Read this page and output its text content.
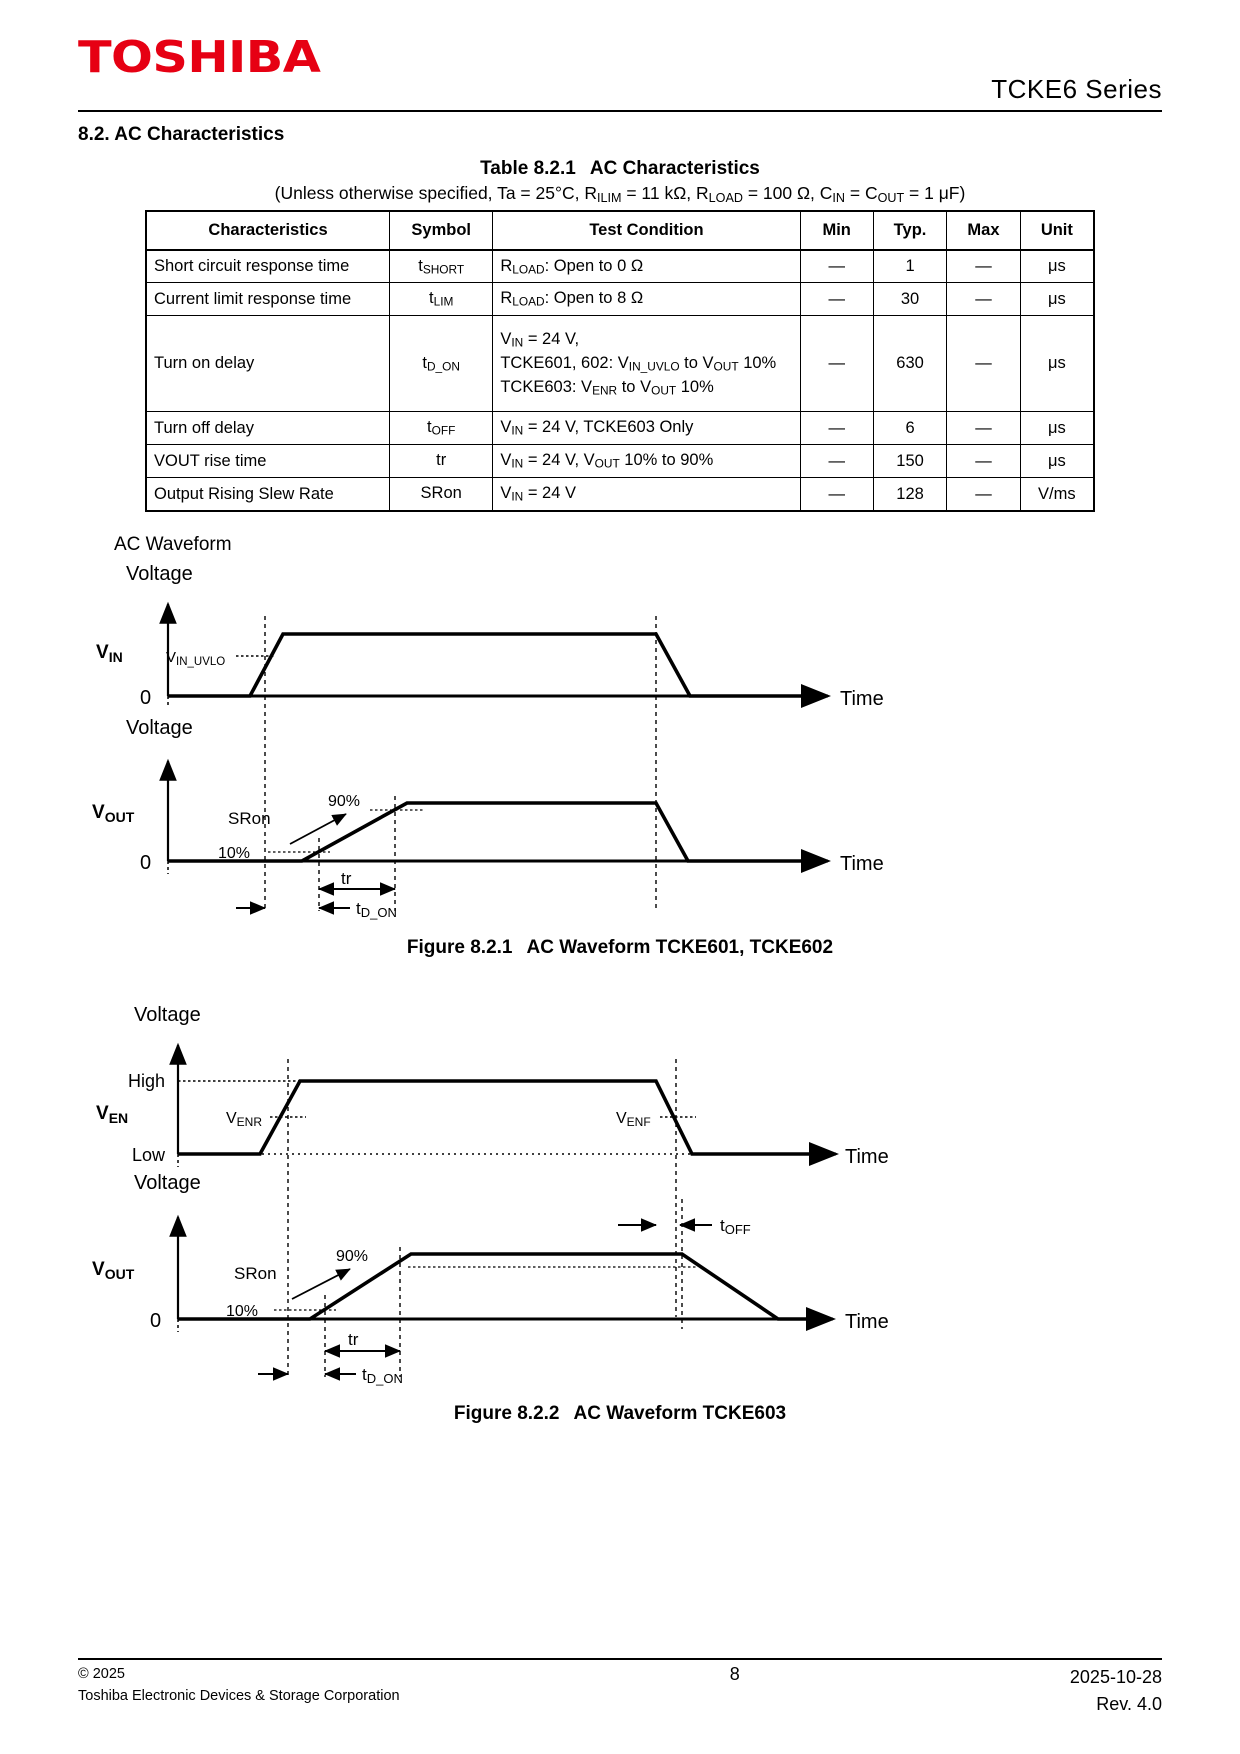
TOSHIBA
TCKE6 Series
8.2. AC Characteristics
Table 8.2.1 AC Characteristics
(Unless otherwise specified, Ta = 25°C, $R_{ILIM} = 11$ kΩ, $R_{LOAD} = 100$ Ω, $C_{IN} = C_{OUT} = 1$ μF)
Characteristics	Symbol	Test Condition	Min	Typ.	Max	Unit
Short circuit response time	$t_{SHORT}$	$R_{LOAD}$: Open to 0 Ω	—	1	—	μs
Current limit response time	$t_{LIM}$	$R_{LOAD}$: Open to 8 Ω	—	30	—	μs
Turn on delay	$t_{D\_ON}$	$V_{IN} = 24$ V,
TCKE601, 602: $V_{IN\_UVLO}$ to $V_{OUT}$ 10%
TCKE603: $V_{ENR}$ to $V_{OUT}$ 10%	—	630	—	μs
Turn off delay	$t_{OFF}$	$V_{IN} = 24$ V, TCKE603 Only	—	6	—	μs
VOUT rise time	tr	$V_{IN} = 24$ V, $V_{OUT}$ 10% to 90%	—	150	—	μs
Output Rising Slew Rate	SRon	$V_{IN} = 24$ V	—	128	—	V/ms
AC Waveform
Voltage
Time
0
$V_{IN}$	$V_{IN\_UVLO}$
Voltage
Time
0
$V_{OUT}$
10%
90%
SRon
tr
tD_ON
Figure 8.2.1 AC Waveform TCKE601, TCKE602
Voltage
Time
High
Low
$V_{EN}$	VENR	VENF
Voltage
Time
0
$V_{OUT}$
90%
10%
SRon
tOFF
tr
tD_ON
Figure 8.2.2 AC Waveform TCKE603
© 2025
Toshiba Electronic Devices & Storage Corporation
8	2025-10-28
Rev. 4.0
